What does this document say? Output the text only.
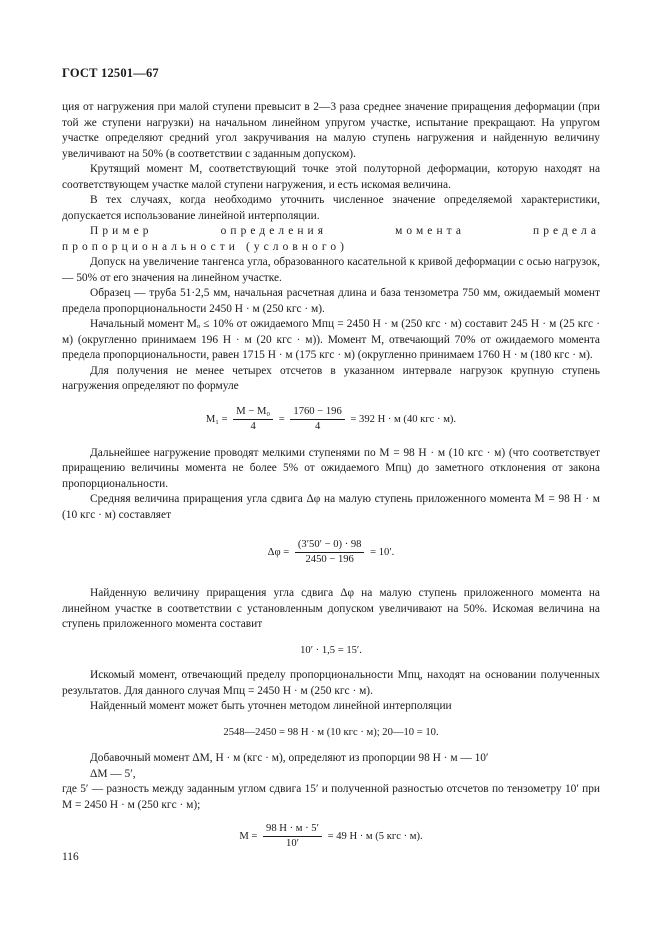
ГОСТ 12501—67

ция от нагружения при малой ступени превысит в 2—3 раза среднее значение приращения деформации (при той же ступени нагрузки) на начальном линейном упругом участке, испытание прекращают. На упругом участке определяют средний угол закручивания на малую ступень нагружения и найденную величину увеличивают на 50% (в соответствии с заданным допуском).

Крутящий момент М, соответствующий точке этой полуторной деформации, которую находят на соответствующем участке малой ступени нагружения, и есть искомая величина.

В тех случаях, когда необходимо уточнить численное значение определяемой характеристики, допускается использование линейной интерполяции.

Пример определения момента предела пропорциональности (условного)

Допуск на увеличение тангенса угла, образованного касательной к кривой деформации с осью нагрузок, — 50% от его значения на линейном участке.

Образец — труба 51·2,5 мм, начальная расчетная длина и база тензометра 750 мм, ожидаемый момент предела пропорциональности 2450 Н · м (250 кгс · м).

Начальный момент Мₒ ≤ 10% от ожидаемого Мпц = 2450 Н · м (250 кгс · м) составит 245 Н · м (25 кгс · м) (округленно принимаем 196 Н · м (20 кгс · м)). Момент М, отвечающий 70% от ожидаемого момента предела пропорциональности, равен 1715 Н · м (175 кгс · м) (округленно принимаем 1760 Н · м (180 кгс · м).

Для получения не менее четырех отсчетов в указанном интервале нагрузок крупную ступень нагружения определяют по формуле

$М_1 = \frac{\text{М − М₀}}{4} = \frac{1760 - 196}{4} = 392$ Н · м (40 кгс · м).

Дальнейшее нагружение проводят мелкими ступенями по М = 98 Н · м (10 кгс · м) (что соответствует приращению величины момента не более 5% от ожидаемого Мпц) до заметного отклонения от закона пропорциональности.

Средняя величина приращения угла сдвига Δφ на малую ступень приложенного момента М = 98 Н · м (10 кгс · м) составляет

$\Delta\varphi = \frac{(3'50' - 0) \cdot 98}{2450 - 196} = 10'$.

Найденную величину приращения угла сдвига Δφ на малую ступень приложенного момента на линейном участке в соответствии с установленным допуском увеличивают на 50%. Искомая величина на ступень приложенного момента составит

10′ · 1,5 = 15′.

Искомый момент, отвечающий пределу пропорциональности Мпц, находят на основании полученных результатов. Для данного случая Мпц = 2450 Н · м (250 кгс · м).

Найденный момент может быть уточнен методом линейной интерполяции

2548—2450 = 98 Н · м (10 кгс · м); 20—10 = 10.

Добавочный момент ΔМ, Н · м (кгс · м), определяют из пропорции 98 Н · м — 10′

ΔМ — 5′,

где 5′ — разность между заданным углом сдвига 15′ и полученной разностью отсчетов по тензометру 10′ при М = 2450 Н · м (250 кгс · м);

$М = \frac{98 Н \cdot м \cdot 5'}{10'} = 49$ Н · м (5 кгс · м).
116
